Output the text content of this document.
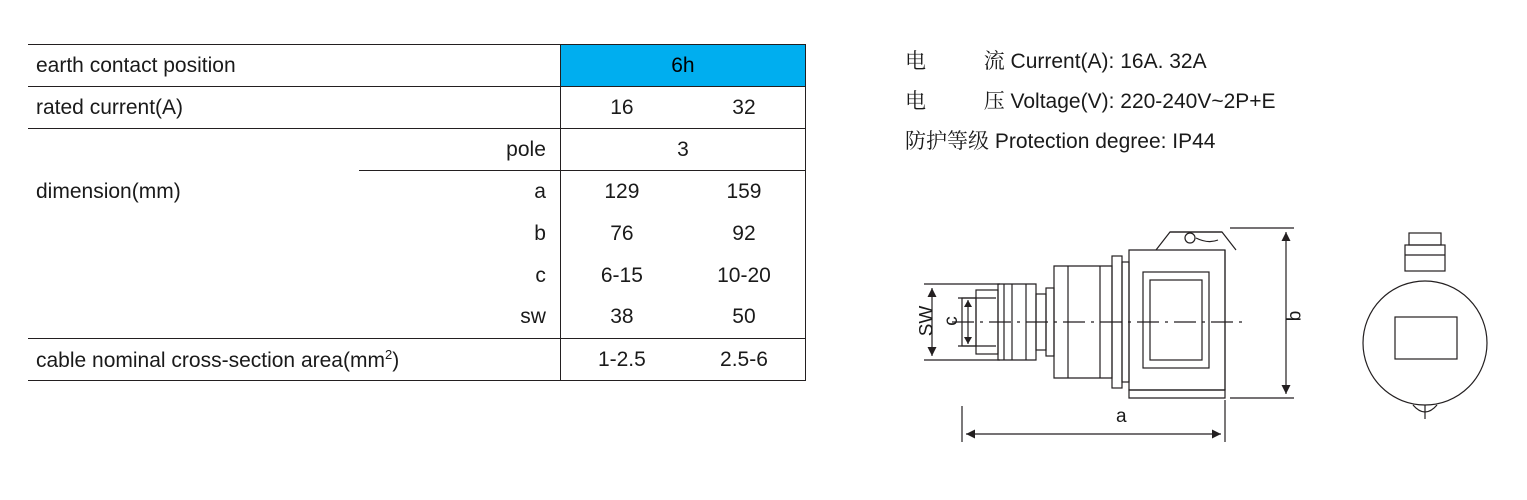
earth contact position		6h	
rated current(A)		16	32
	pole	3	
dimension(mm)	a	129	159
	b	76	92
	c	6-15	10-20
	sw	38	50
cable nominal cross-section $area(mm^2)$		1-2.5	2.5-6
电	流 Current(A): 16A. 32A
电	压 Voltage(V): 220-240V~2P+E
防护等级 Protection degree: IP44
a
b
SW c
